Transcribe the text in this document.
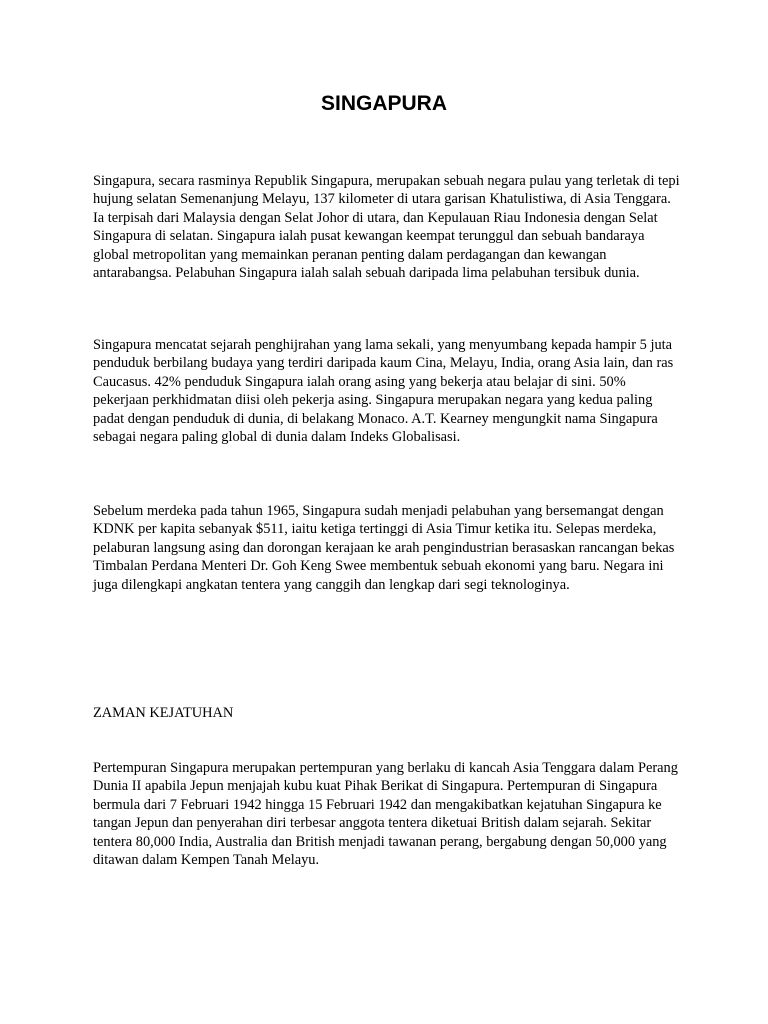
SINGAPURA

Singapura, secara rasminya Republik Singapura, merupakan sebuah negara pulau yang terletak di tepi hujung selatan Semenanjung Melayu, 137 kilometer di utara garisan Khatulistiwa, di Asia Tenggara. Ia terpisah dari Malaysia dengan Selat Johor di utara, dan Kepulauan Riau Indonesia dengan Selat Singapura di selatan. Singapura ialah pusat kewangan keempat terunggul dan sebuah bandaraya global metropolitan yang memainkan peranan penting dalam perdagangan dan kewangan antarabangsa. Pelabuhan Singapura ialah salah sebuah daripada lima pelabuhan tersibuk dunia.

Singapura mencatat sejarah penghijrahan yang lama sekali, yang menyumbang kepada hampir 5 juta penduduk berbilang budaya yang terdiri daripada kaum Cina, Melayu, India, orang Asia lain, dan ras Caucasus. 42% penduduk Singapura ialah orang asing yang bekerja atau belajar di sini. 50% pekerjaan perkhidmatan diisi oleh pekerja asing. Singapura merupakan negara yang kedua paling padat dengan penduduk di dunia, di belakang Monaco. A.T. Kearney mengungkit nama Singapura sebagai negara paling global di dunia dalam Indeks Globalisasi.

Sebelum merdeka pada tahun 1965, Singapura sudah menjadi pelabuhan yang bersemangat dengan KDNK per kapita sebanyak $511, iaitu ketiga tertinggi di Asia Timur ketika itu. Selepas merdeka, pelaburan langsung asing dan dorongan kerajaan ke arah pengindustrian berasaskan rancangan bekas Timbalan Perdana Menteri Dr. Goh Keng Swee membentuk sebuah ekonomi yang baru. Negara ini juga dilengkapi angkatan tentera yang canggih dan lengkap dari segi teknologinya.

ZAMAN KEJATUHAN

Pertempuran Singapura merupakan pertempuran yang berlaku di kancah Asia Tenggara dalam Perang Dunia II apabila Jepun menjajah kubu kuat Pihak Berikat di Singapura. Pertempuran di Singapura bermula dari 7 Februari 1942 hingga 15 Februari 1942 dan mengakibatkan kejatuhan Singapura ke tangan Jepun dan penyerahan diri terbesar anggota tentera diketuai British dalam sejarah. Sekitar tentera 80,000 India, Australia dan British menjadi tawanan perang, bergabung dengan 50,000 yang ditawan dalam Kempen Tanah Melayu.
